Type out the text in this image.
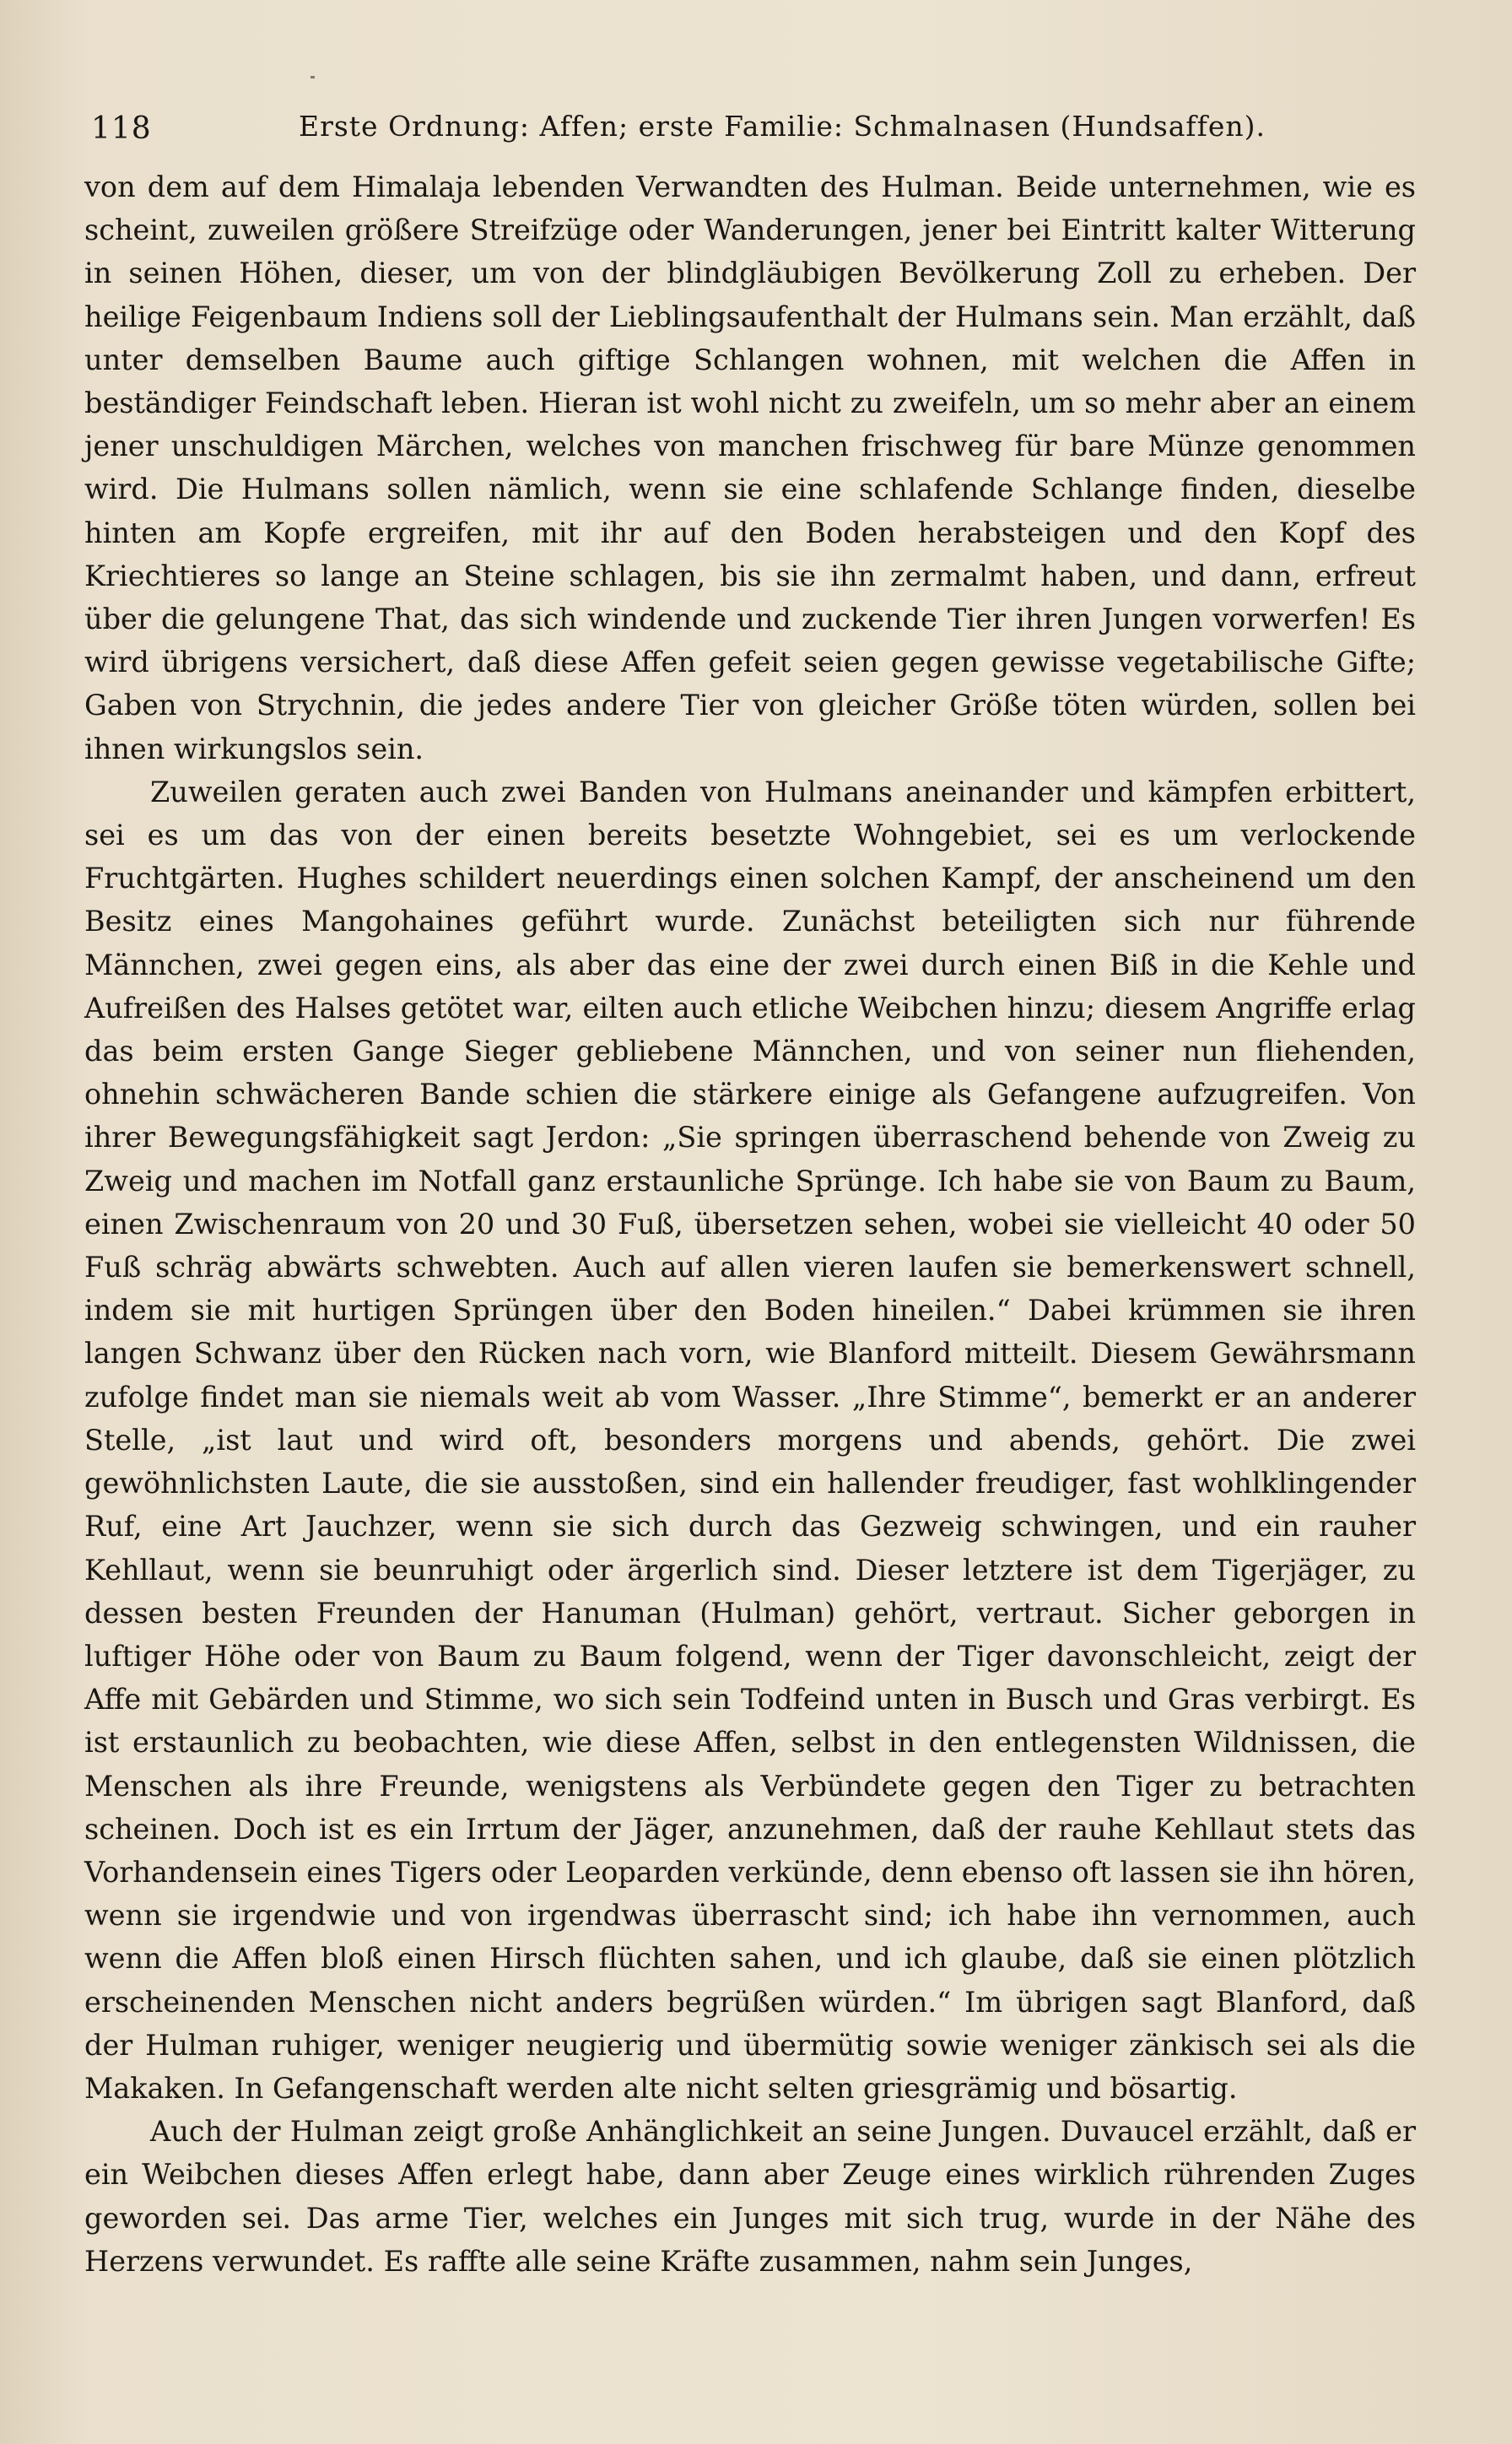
118	Erste Ordnung: Affen; erste Familie: Schmalnasen (Hundsaffen).

von dem auf dem Himalaja lebenden Verwandten des Hulman. Beide unternehmen, wie es scheint, zuweilen größere Streifzüge oder Wanderungen, jener bei Eintritt kalter Witterung in seinen Höhen, dieser, um von der blindgläubigen Bevölkerung Zoll zu erheben. Der heilige Feigenbaum Indiens soll der Lieblingsaufenthalt der Hulmans sein. Man erzählt, daß unter demselben Baume auch giftige Schlangen wohnen, mit welchen die Affen in beständiger Feindschaft leben. Hieran ist wohl nicht zu zweifeln, um so mehr aber an einem jener unschuldigen Märchen, welches von manchen frischweg für bare Münze genommen wird. Die Hulmans sollen nämlich, wenn sie eine schlafende Schlange finden, dieselbe hinten am Kopfe ergreifen, mit ihr auf den Boden herabsteigen und den Kopf des Kriechtieres so lange an Steine schlagen, bis sie ihn zermalmt haben, und dann, erfreut über die gelungene That, das sich windende und zuckende Tier ihren Jungen vorwerfen! Es wird übrigens versichert, daß diese Affen gefeit seien gegen gewisse vegetabilische Gifte; Gaben von Strychnin, die jedes andere Tier von gleicher Größe töten würden, sollen bei ihnen wirkungslos sein.

Zuweilen geraten auch zwei Banden von Hulmans aneinander und kämpfen erbittert, sei es um das von der einen bereits besetzte Wohngebiet, sei es um verlockende Fruchtgärten. Hughes schildert neuerdings einen solchen Kampf, der anscheinend um den Besitz eines Mangohaines geführt wurde. Zunächst beteiligten sich nur führende Männchen, zwei gegen eins, als aber das eine der zwei durch einen Biß in die Kehle und Aufreißen des Halses getötet war, eilten auch etliche Weibchen hinzu; diesem Angriffe erlag das beim ersten Gange Sieger gebliebene Männchen, und von seiner nun fliehenden, ohnehin schwächeren Bande schien die stärkere einige als Gefangene aufzugreifen. Von ihrer Bewegungsfähigkeit sagt Jerdon: „Sie springen überraschend behende von Zweig zu Zweig und machen im Notfall ganz erstaunliche Sprünge. Ich habe sie von Baum zu Baum, einen Zwischenraum von 20 und 30 Fuß, übersetzen sehen, wobei sie vielleicht 40 oder 50 Fuß schräg abwärts schwebten. Auch auf allen vieren laufen sie bemerkenswert schnell, indem sie mit hurtigen Sprüngen über den Boden hineilen.“ Dabei krümmen sie ihren langen Schwanz über den Rücken nach vorn, wie Blanford mitteilt. Diesem Gewährsmann zufolge findet man sie niemals weit ab vom Wasser. „Ihre Stimme“, bemerkt er an anderer Stelle, „ist laut und wird oft, besonders morgens und abends, gehört. Die zwei gewöhnlichsten Laute, die sie ausstoßen, sind ein hallender freudiger, fast wohlklingender Ruf, eine Art Jauchzer, wenn sie sich durch das Gezweig schwingen, und ein rauher Kehllaut, wenn sie beunruhigt oder ärgerlich sind. Dieser letztere ist dem Tigerjäger, zu dessen besten Freunden der Hanuman (Hulman) gehört, vertraut. Sicher geborgen in luftiger Höhe oder von Baum zu Baum folgend, wenn der Tiger davonschleicht, zeigt der Affe mit Gebärden und Stimme, wo sich sein Todfeind unten in Busch und Gras verbirgt. Es ist erstaunlich zu beobachten, wie diese Affen, selbst in den entlegensten Wildnissen, die Menschen als ihre Freunde, wenigstens als Verbündete gegen den Tiger zu betrachten scheinen. Doch ist es ein Irrtum der Jäger, anzunehmen, daß der rauhe Kehllaut stets das Vorhandensein eines Tigers oder Leoparden verkünde, denn ebenso oft lassen sie ihn hören, wenn sie irgendwie und von irgendwas überrascht sind; ich habe ihn vernommen, auch wenn die Affen bloß einen Hirsch flüchten sahen, und ich glaube, daß sie einen plötzlich erscheinenden Menschen nicht anders begrüßen würden.“ Im übrigen sagt Blanford, daß der Hulman ruhiger, weniger neugierig und übermütig sowie weniger zänkisch sei als die Makaken. In Gefangenschaft werden alte nicht selten griesgrämig und bösartig.

Auch der Hulman zeigt große Anhänglichkeit an seine Jungen. Duvaucel erzählt, daß er ein Weibchen dieses Affen erlegt habe, dann aber Zeuge eines wirklich rührenden Zuges geworden sei. Das arme Tier, welches ein Junges mit sich trug, wurde in der Nähe des Herzens verwundet. Es raffte alle seine Kräfte zusammen, nahm sein Junges,
